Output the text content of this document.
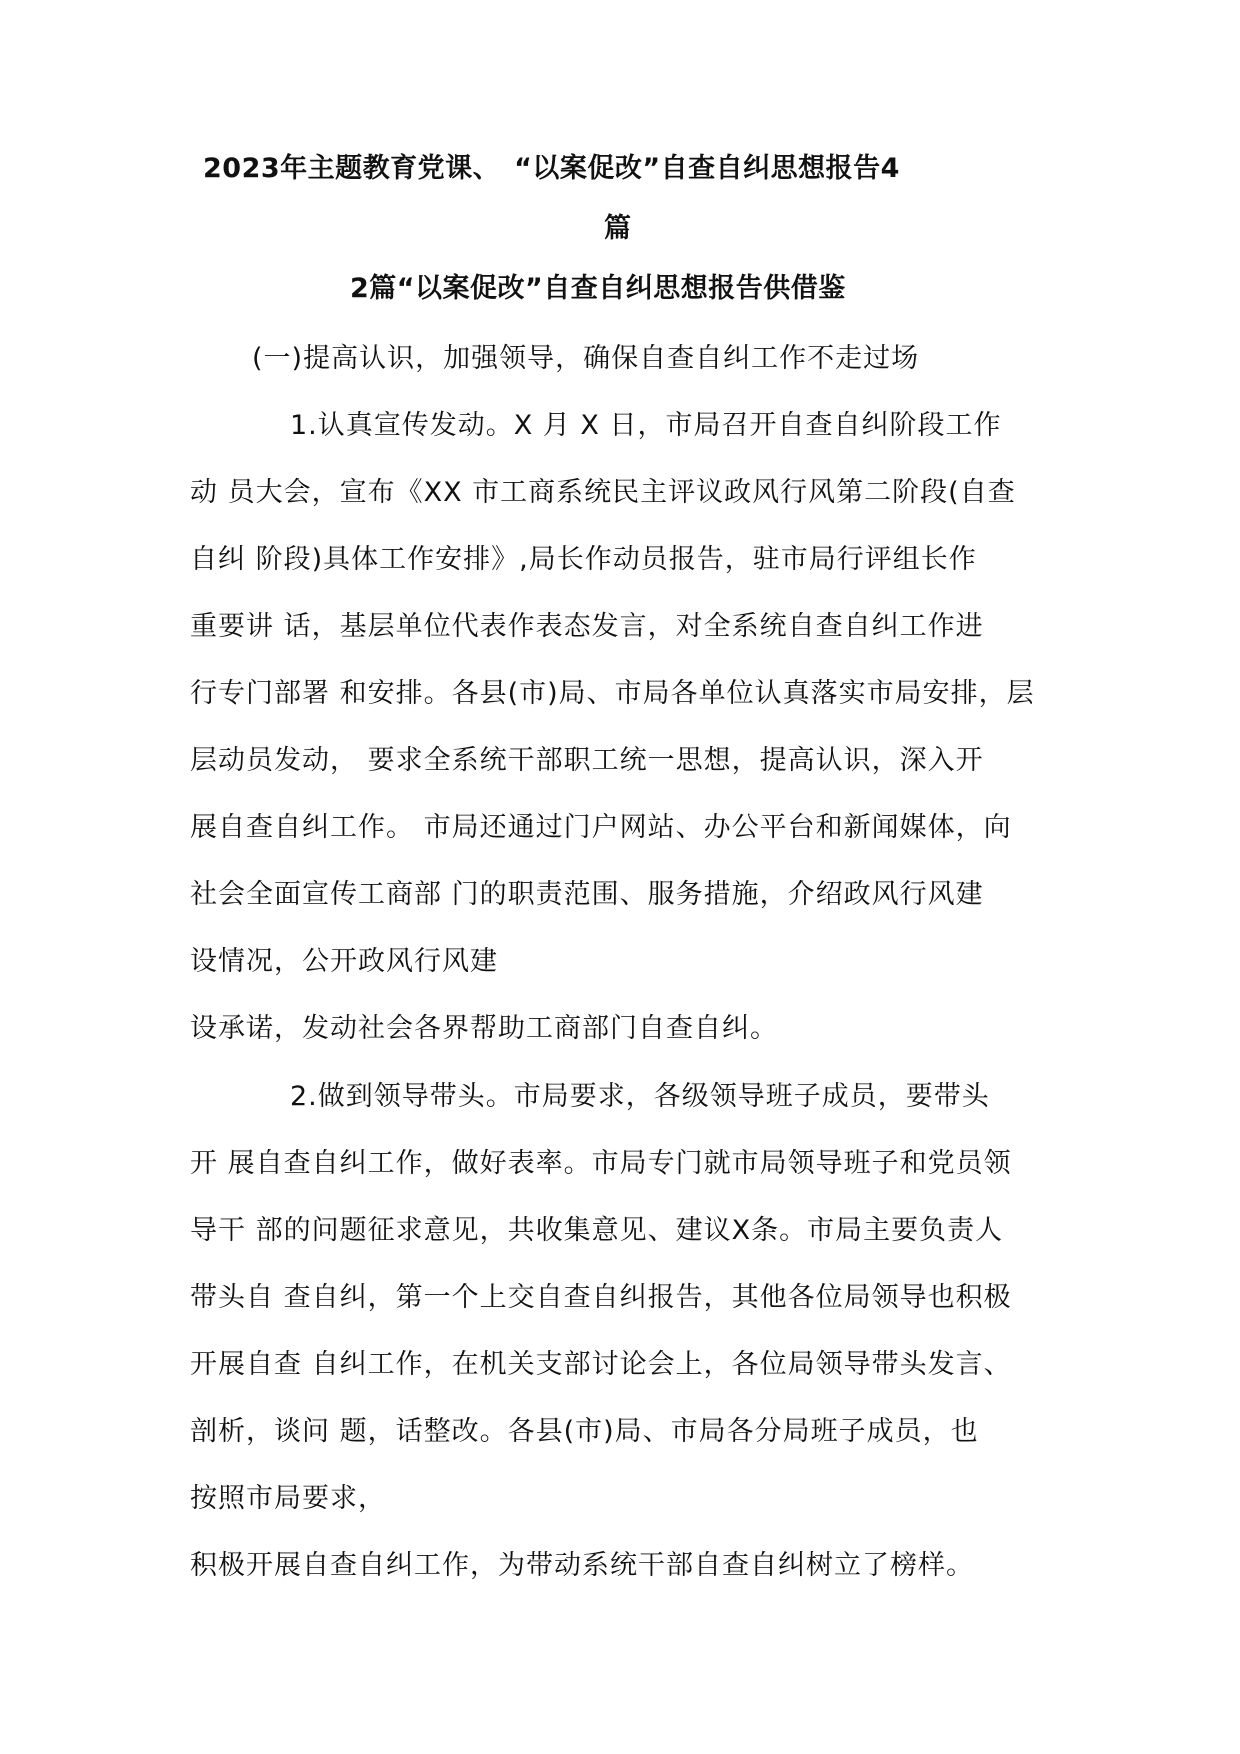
2023年主题教育党课、　“以案促改”自查自纠思想报告4
篇
2篇“以案促改”自查自纠思想报告供借鉴
(一)提高认识，加强领导，确保自查自纠工作不走过场
1.认真宣传发动。X 月 X 日，市局召开自查自纠阶段工作
动 员大会，宣布《XX 市工商系统民主评议政风行风第二阶段(自查
自纠 阶段)具体工作安排》,局长作动员报告，驻市局行评组长作
重要讲 话，基层单位代表作表态发言，对全系统自查自纠工作进
行专门部署 和安排。各县(市)局、市局各单位认真落实市局安排，层
层动员发动， 要求全系统干部职工统一思想，提高认识，深入开
展自查自纠工作。 市局还通过门户网站、办公平台和新闻媒体，向
社会全面宣传工商部 门的职责范围、服务措施，介绍政风行风建
设情况，公开政风行风建
设承诺，发动社会各界帮助工商部门自查自纠。
2.做到领导带头。市局要求，各级领导班子成员，要带头
开 展自查自纠工作，做好表率。市局专门就市局领导班子和党员领
导干 部的问题征求意见，共收集意见、建议X条。市局主要负责人
带头自 查自纠，第一个上交自查自纠报告，其他各位局领导也积极
开展自查 自纠工作，在机关支部讨论会上，各位局领导带头发言、
剖析，谈问 题，话整改。各县(市)局、市局各分局班子成员，也
按照市局要求，
积极开展自查自纠工作，为带动系统干部自查自纠树立了榜样。
